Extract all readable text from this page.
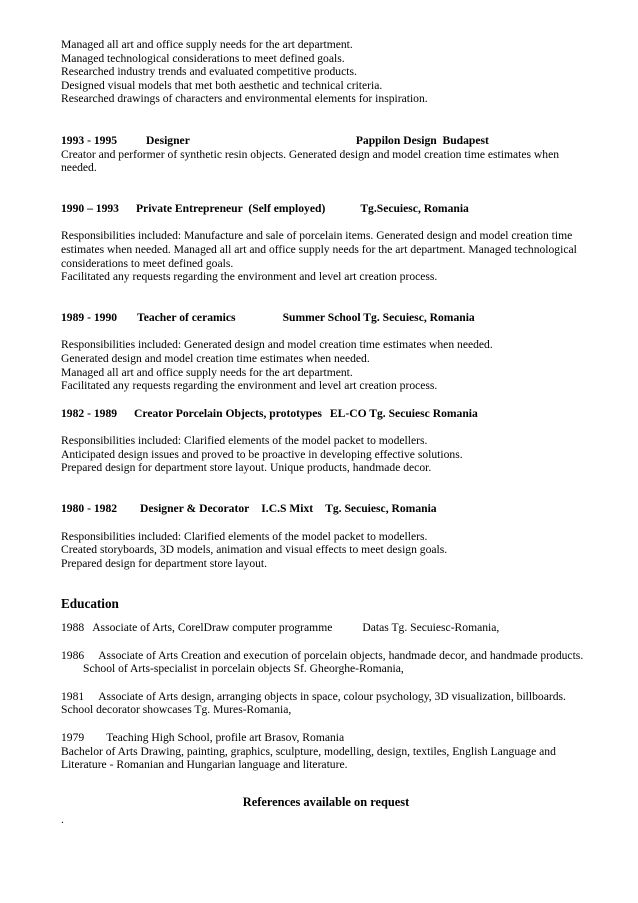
Managed all art and office supply needs for the art department.
Managed technological considerations to meet defined goals.
Researched industry trends and evaluated competitive products.
Designed visual models that met both aesthetic and technical criteria.
Researched drawings of characters and environmental elements for inspiration.
1993 - 1995	Designer	Pappilon Design  Budapest
Creator and performer of synthetic resin objects. Generated design and model creation time estimates when needed.
1990 – 1993 Private Entrepreneur  (Self employed)	Tg.Secuiesc, Romania
Responsibilities included: Manufacture and sale of porcelain items. Generated design and model creation time estimates when needed. Managed all art and office supply needs for the art department. Managed technological considerations to meet defined goals.
Facilitated any requests regarding the environment and level art creation process.
1989 - 1990 Teacher of ceramics	Summer School Tg. Secuiesc, Romania
Responsibilities included: Generated design and model creation time estimates when needed.
Generated design and model creation time estimates when needed.
Managed all art and office supply needs for the art department.
Facilitated any requests regarding the environment and level art creation process.
1982 - 1989 Creator Porcelain Objects, prototypes EL-CO Tg. Secuiesc Romania
Responsibilities included: Clarified elements of the model packet to modellers.
Anticipated design issues and proved to be proactive in developing effective solutions.
Prepared design for department store layout. Unique products, handmade decor.
1980 - 1982 Designer & Decorator I.C.S Mixt Tg. Secuiesc, Romania
Responsibilities included: Clarified elements of the model packet to modellers.
Created storyboards, 3D models, animation and visual effects to meet design goals.
Prepared design for department store layout.
Education
1988 Associate of Arts, CorelDraw computer programme	Datas Tg. Secuiesc-Romania,
1986 Associate of Arts Creation and execution of porcelain objects, handmade decor, and handmade products.School of Arts-specialist in porcelain objects Sf. Gheorghe-Romania,
1981 Associate of Arts design, arranging objects in space, colour psychology, 3D visualization, billboards. School decorator showcases Tg. Mures-Romania,
1979 Teaching High School, profile art Brasov, Romania
Bachelor of Arts Drawing, painting, graphics, sculpture, modelling, design, textiles, English Language and Literature - Romanian and Hungarian language and literature.
References available on request
.
